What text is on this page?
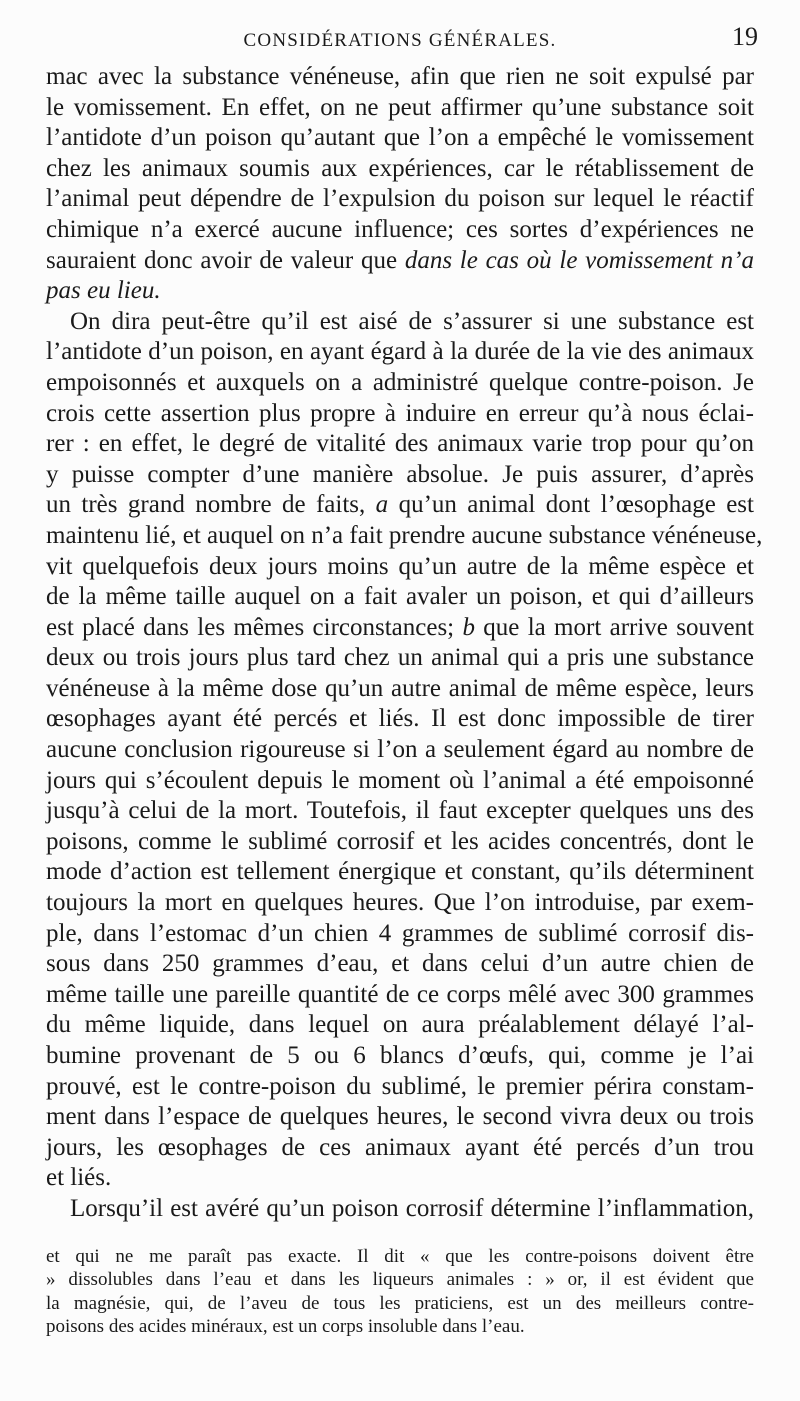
CONSIDÉRATIONS GÉNÉRALES.	19

mac avec la substance vénéneuse, afin que rien ne soit expulsé par
le vomissement. En effet, on ne peut affirmer qu’une substance soit
l’antidote d’un poison qu’autant que l’on a empêché le vomissement
chez les animaux soumis aux expériences, car le rétablissement de
l’animal peut dépendre de l’expulsion du poison sur lequel le réactif
chimique n’a exercé aucune influence; ces sortes d’expériences ne
sauraient donc avoir de valeur que dans le cas où le vomissement n’a
pas eu lieu.

On dira peut-être qu’il est aisé de s’assurer si une substance est
l’antidote d’un poison, en ayant égard à la durée de la vie des animaux
empoisonnés et auxquels on a administré quelque contre-poison. Je
crois cette assertion plus propre à induire en erreur qu’à nous éclai-
rer : en effet, le degré de vitalité des animaux varie trop pour qu’on
y puisse compter d’une manière absolue. Je puis assurer, d’après
un très grand nombre de faits, a qu’un animal dont l’œsophage est
maintenu lié, et auquel on n’a fait prendre aucune substance vénéneuse,
vit quelquefois deux jours moins qu’un autre de la même espèce et
de la même taille auquel on a fait avaler un poison, et qui d’ailleurs
est placé dans les mêmes circonstances; b que la mort arrive souvent
deux ou trois jours plus tard chez un animal qui a pris une substance
vénéneuse à la même dose qu’un autre animal de même espèce, leurs
œsophages ayant été percés et liés. Il est donc impossible de tirer
aucune conclusion rigoureuse si l’on a seulement égard au nombre de
jours qui s’écoulent depuis le moment où l’animal a été empoisonné
jusqu’à celui de la mort. Toutefois, il faut excepter quelques uns des
poisons, comme le sublimé corrosif et les acides concentrés, dont le
mode d’action est tellement énergique et constant, qu’ils déterminent
toujours la mort en quelques heures. Que l’on introduise, par exem-
ple, dans l’estomac d’un chien 4 grammes de sublimé corrosif dis-
sous dans 250 grammes d’eau, et dans celui d’un autre chien de
même taille une pareille quantité de ce corps mêlé avec 300 grammes
du même liquide, dans lequel on aura préalablement délayé l’al-
bumine provenant de 5 ou 6 blancs d’œufs, qui, comme je l’ai
prouvé, est le contre-poison du sublimé, le premier périra constam-
ment dans l’espace de quelques heures, le second vivra deux ou trois
jours, les œsophages de ces animaux ayant été percés d’un trou
et liés.

Lorsqu’il est avéré qu’un poison corrosif détermine l’inflammation,

et qui ne me paraît pas exacte. Il dit « que les contre-poisons doivent être
» dissolubles dans l’eau et dans les liqueurs animales : » or, il est évident que
la magnésie, qui, de l’aveu de tous les praticiens, est un des meilleurs contre-
poisons des acides minéraux, est un corps insoluble dans l’eau.
